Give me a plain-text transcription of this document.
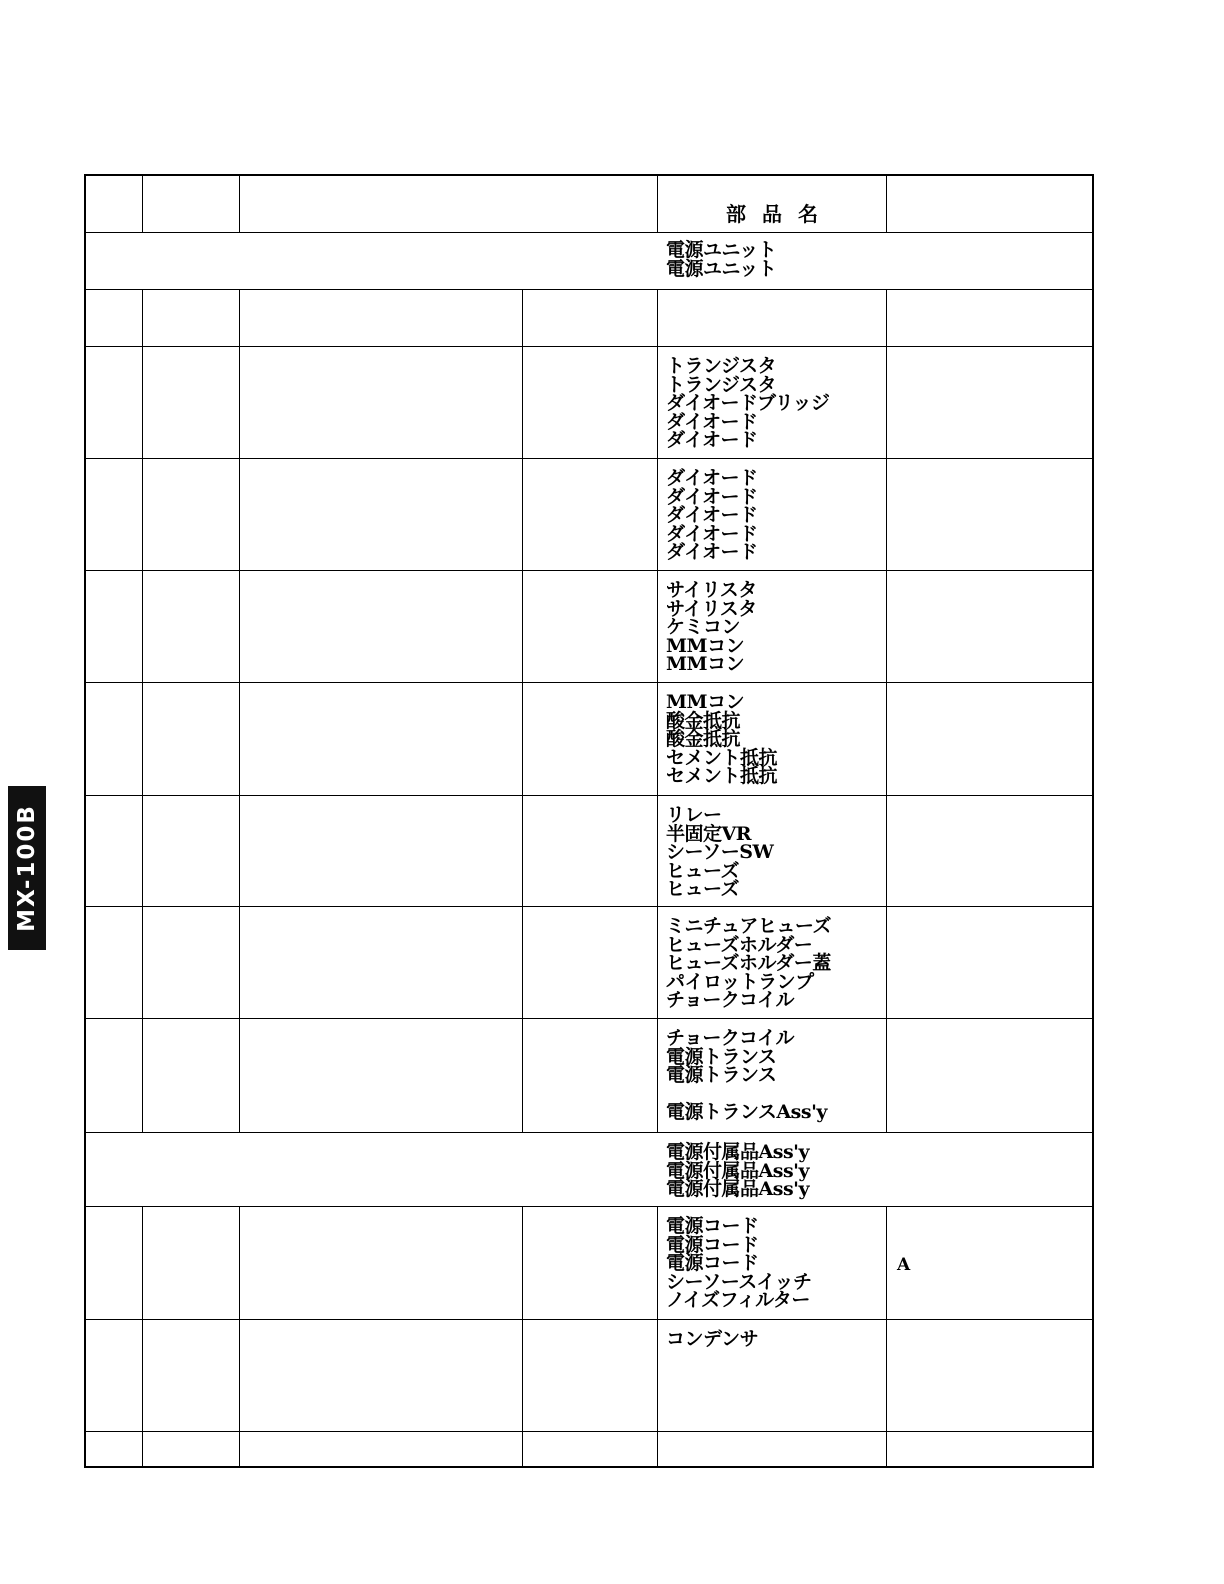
MX-100B
部品名
電源ユニット
電源ユニット
トランジスタ
トランジスタ
ダイオードブリッジ
ダイオード
ダイオード
ダイオード
ダイオード
ダイオード
ダイオード
ダイオード
サイリスタ
サイリスタ
ケミコン
MMコン
MMコン
MMコン
酸金抵抗
酸金抵抗
セメント抵抗
セメント抵抗
リレー
半固定VR
シーソーSW
ヒューズ
ヒューズ
ミニチュアヒューズ
ヒューズホルダー
ヒューズホルダー蓋
パイロットランプ
チョークコイル
チョークコイル
電源トランス
電源トランス
電源トランスAss'y
電源付属品Ass'y
電源付属品Ass'y
電源付属品Ass'y
A
電源コード
電源コード
電源コード
シーソースイッチ
ノイズフィルター
コンデンサ
